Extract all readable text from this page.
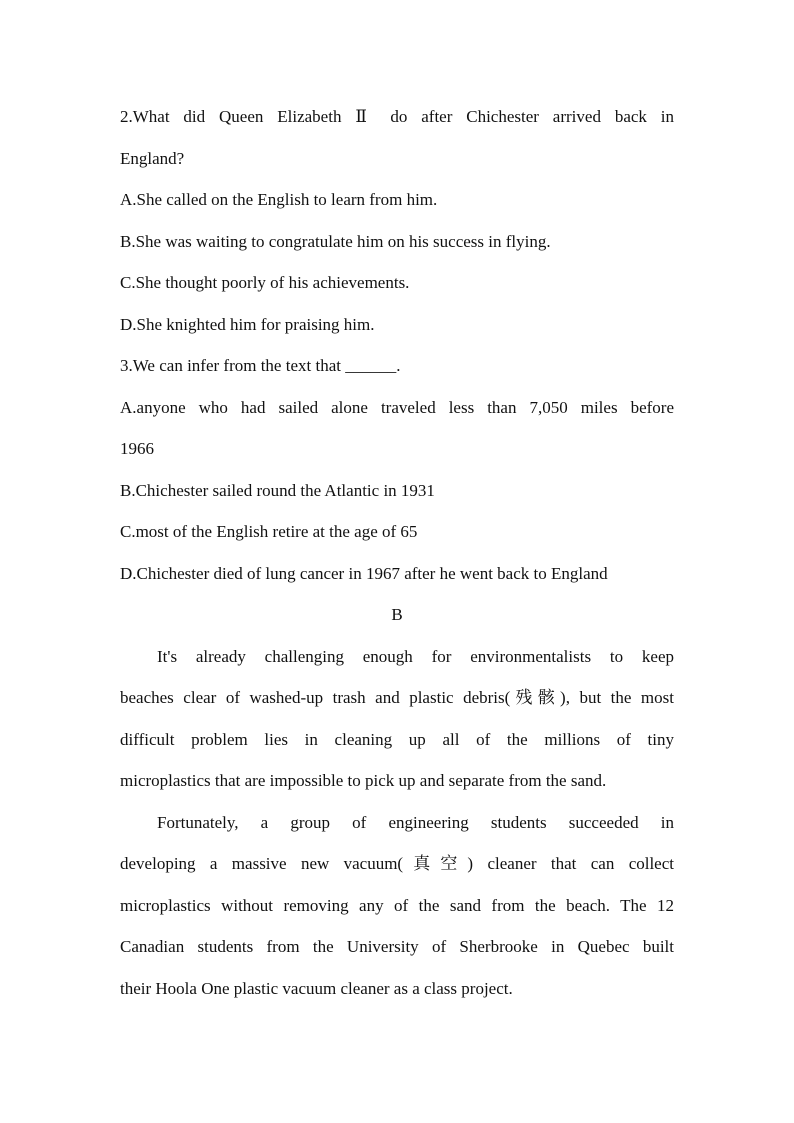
2.What did Queen Elizabeth Ⅱ do after Chichester arrived back in
England?
A.She called on the English to learn from him.
B.She was waiting to congratulate him on his success in flying.
C.She thought poorly of his achievements.
D.She knighted him for praising him.
3.We can infer from the text that ______.
A.anyone who had sailed alone traveled less than 7,050 miles before
1966
B.Chichester sailed round the Atlantic in 1931
C.most of the English retire at the age of 65
D.Chichester died of lung cancer in 1967 after he went back to England
B
It's already challenging enough for environmentalists to keep
beaches clear of washed-up trash and plastic debris(残骸), but the most
difficult problem lies in cleaning up all of the millions of tiny
microplastics that are impossible to pick up and separate from the sand.
Fortunately, a group of engineering students succeeded in
developing a massive new vacuum(真空) cleaner that can collect
microplastics without removing any of the sand from the beach. The 12
Canadian students from the University of Sherbrooke in Quebec built
their Hoola One plastic vacuum cleaner as a class project.
